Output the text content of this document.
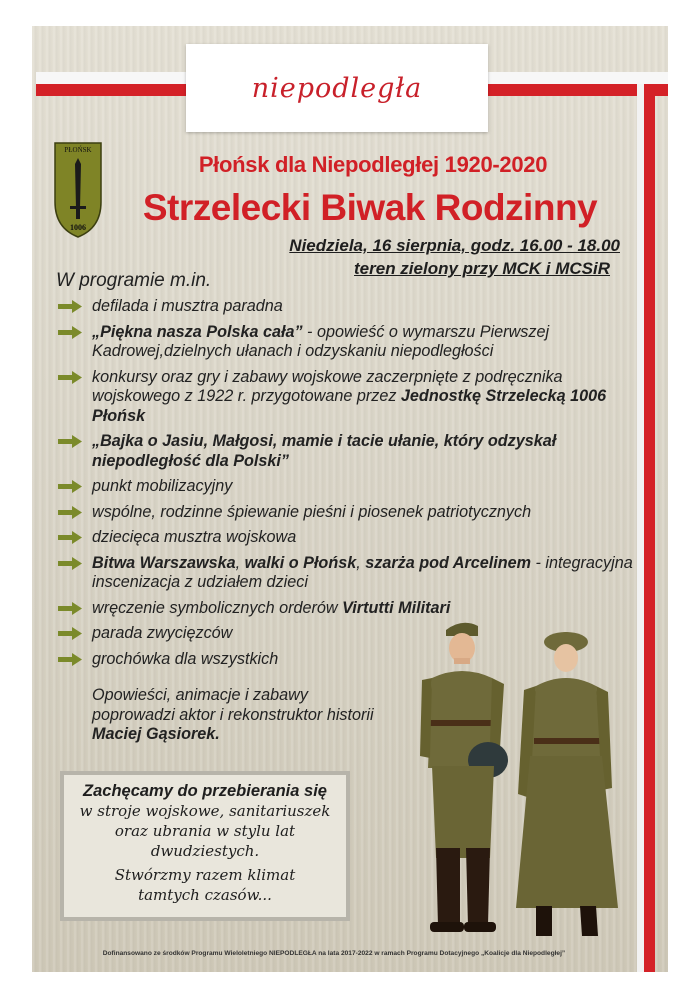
niepodległa
PŁOŃSK
1006
Płońsk dla Niepodległej 1920-2020
Strzelecki Biwak Rodzinny
Niedziela, 16 sierpnia, godz. 16.00 - 18.00
teren zielony przy MCK i MCSiR
W programie m.in.
defilada i musztra paradna
„Piękna nasza Polska cała” - opowieść o wymarszu Pierwszej Kadrowej,dzielnych ułanach i odzyskaniu niepodległości
konkursy oraz gry i zabawy wojskowe zaczerpnięte z podręcznika wojskowego z 1922 r. przygotowane przez Jednostkę Strzelecką 1006 Płońsk
„Bajka o Jasiu, Małgosi, mamie i tacie ułanie, który odzyskał niepodległość dla Polski”
punkt mobilizacyjny
wspólne, rodzinne śpiewanie pieśni i piosenek patriotycznych
dziecięca musztra wojskowa
Bitwa Warszawska, walki o Płońsk, szarża pod Arcelinem - integracyjna inscenizacja z udziałem dzieci
wręczenie symbolicznych orderów Virtutti Militari
parada zwycięzców
grochówka dla wszystkich
Opowieści, animacje i zabawy poprowadzi aktor i rekonstruktor historii Maciej Gąsiorek.
Zachęcamy do przebierania się
w stroje wojskowe, sanitariuszek
oraz ubrania w stylu lat
dwudziestych.
Stwórzmy razem klimat
tamtych czasów...
Dofinansowano ze środków Programu Wieloletniego NIEPODLEGŁA na lata 2017-2022 w ramach Programu Dotacyjnego „Koalicje dla Niepodległej”
